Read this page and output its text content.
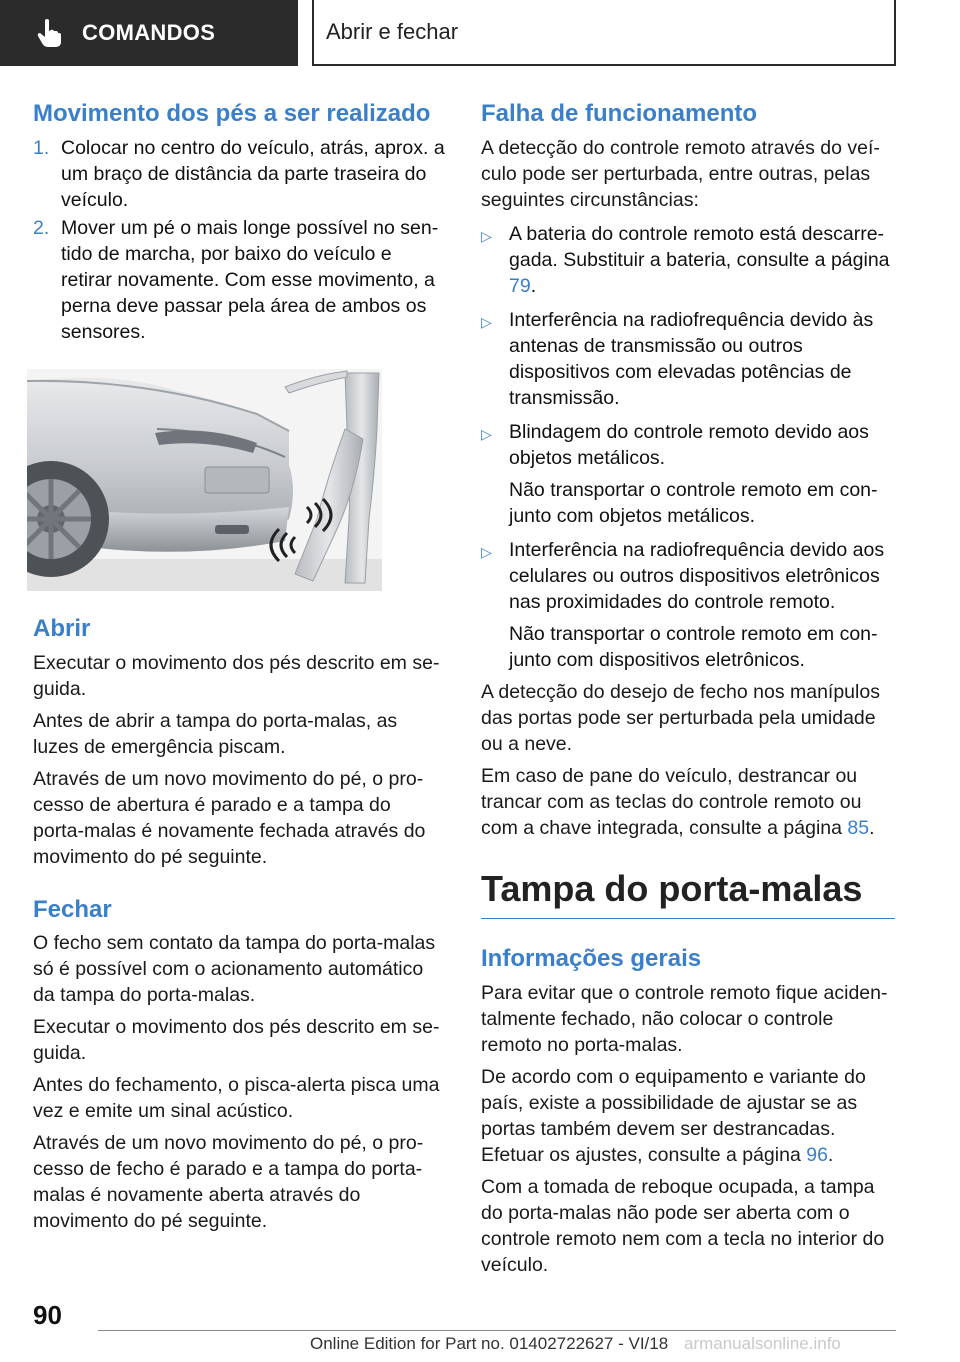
COMANDOS	Abrir e fechar
Movimento dos pés a ser realizado
1. Colocar no centro do veículo, atrás, aprox. a um braço de distância da parte traseira do veículo.
2. Mover um pé o mais longe possível no sentido de marcha, por baixo do veículo e retirar novamente. Com esse movimento, a perna deve passar pela área de ambos os sensores.
Abrir

Executar o movimento dos pés descrito em seguida.

Antes de abrir a tampa do porta-malas, as luzes de emergência piscam.

Através de um novo movimento do pé, o processo de abertura é parado e a tampa do porta-malas é novamente fechada através do movimento do pé seguinte.

Fechar

O fecho sem contato da tampa do porta-malas só é possível com o acionamento automático da tampa do porta-malas.

Executar o movimento dos pés descrito em seguida.

Antes do fechamento, o pisca-alerta pisca uma vez e emite um sinal acústico.

Através de um novo movimento do pé, o processo de fecho é parado e a tampa do porta-malas é novamente aberta através do movimento do pé seguinte.

Falha de funcionamento

A detecção do controle remoto através do veículo pode ser perturbada, entre outras, pelas seguintes circunstâncias:

▷ A bateria do controle remoto está descarregada. Substituir a bateria, consulte a página 79.
▷ Interferência na radiofrequência devido às antenas de transmissão ou outros dispositivos com elevadas potências de transmissão.
▷ Blindagem do controle remoto devido aos objetos metálicos.
Não transportar o controle remoto em conjunto com objetos metálicos.
▷ Interferência na radiofrequência devido aos celulares ou outros dispositivos eletrônicos nas proximidades do controle remoto.
Não transportar o controle remoto em conjunto com dispositivos eletrônicos.

A detecção do desejo de fecho nos manípulos das portas pode ser perturbada pela umidade ou a neve.

Em caso de pane do veículo, destrancar ou trancar com as teclas do controle remoto ou com a chave integrada, consulte a página 85.

Tampa do porta-malas
Informações gerais

Para evitar que o controle remoto fique acidentalmente fechado, não colocar o controle remoto no porta-malas.

De acordo com o equipamento e variante do país, existe a possibilidade de ajustar se as portas também devem ser destrancadas. Efetuar os ajustes, consulte a página 96.

Com a tomada de reboque ocupada, a tampa do porta-malas não pode ser aberta com o controle remoto nem com a tecla no interior do veículo.

90
Online Edition for Part no. 01402722627 - VI/18 armanualsonline.info
